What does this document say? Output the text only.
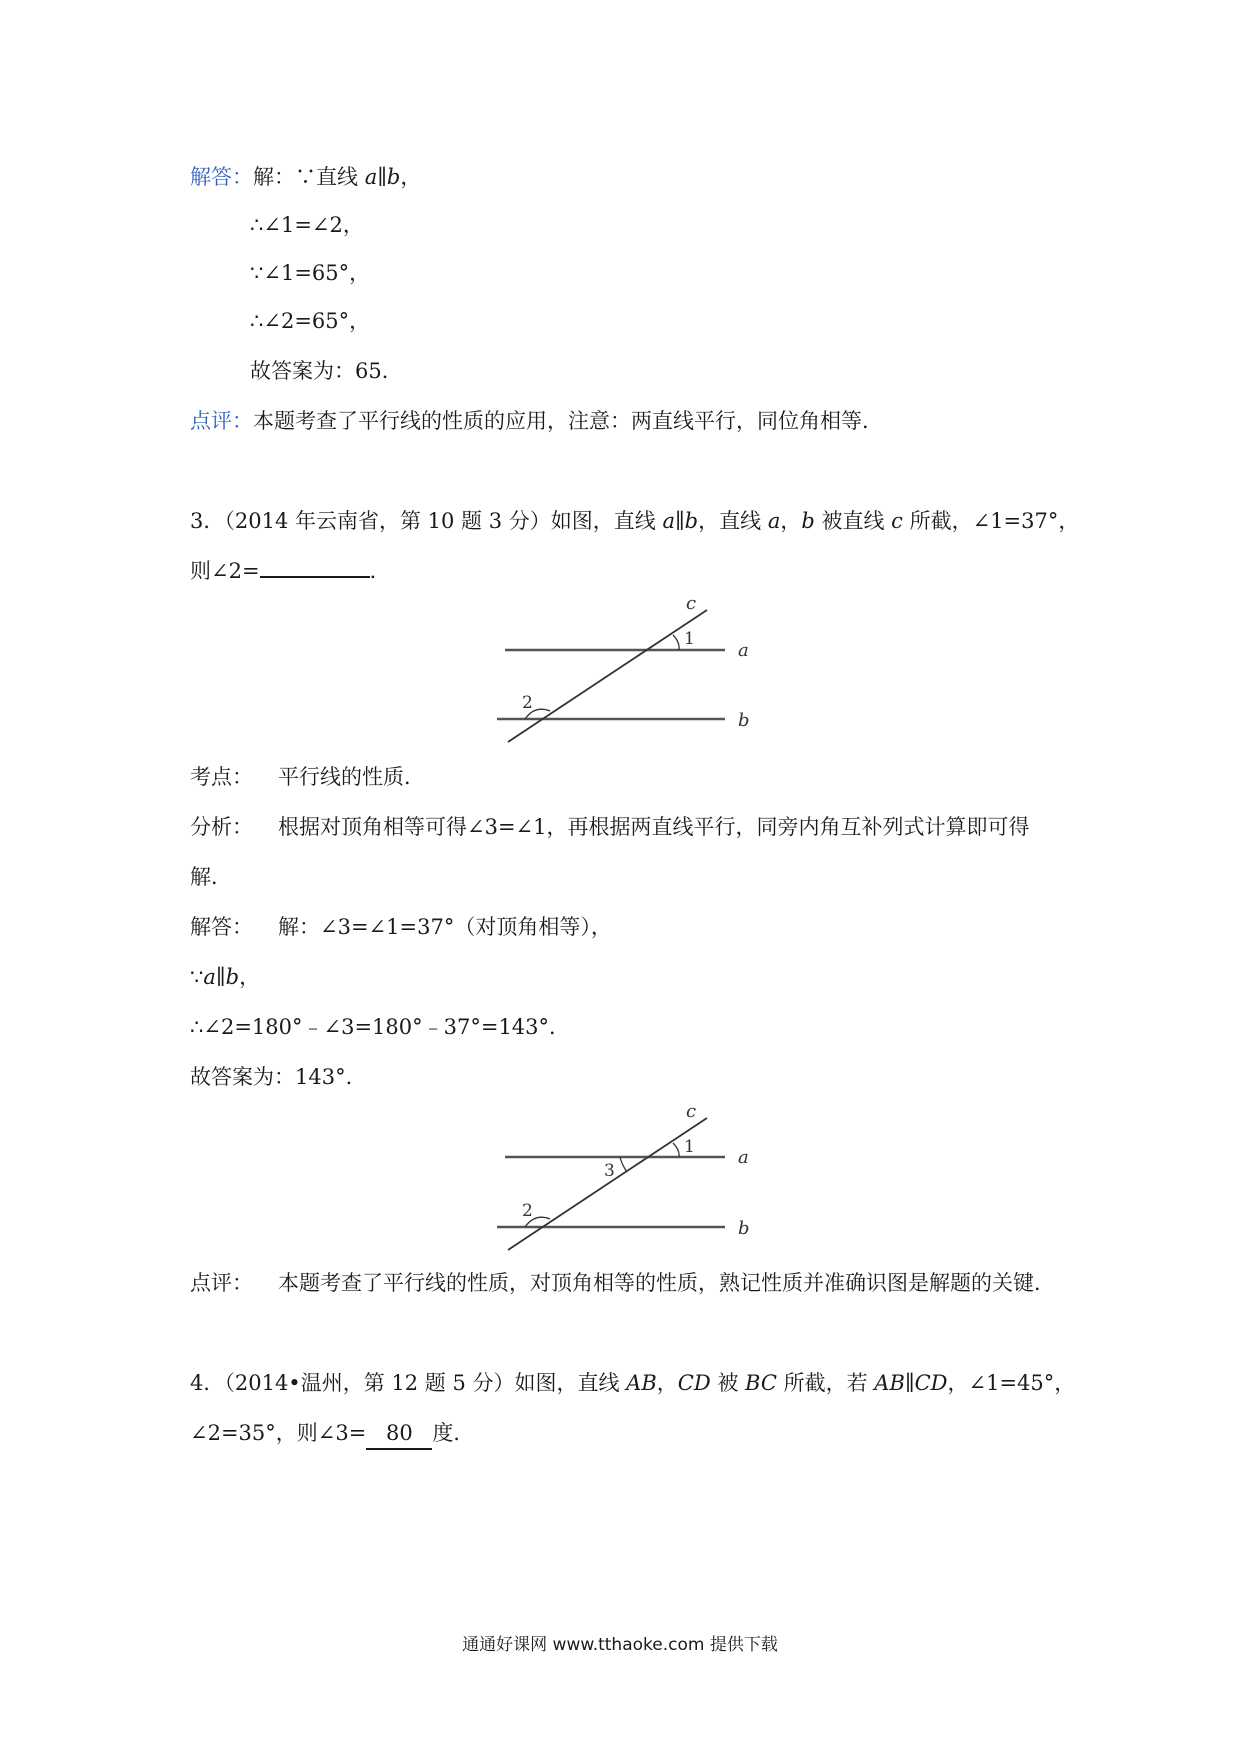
解答：解：∵直线 a∥b，
∴∠1=∠2，
∵∠1=65°，
∴∠2=65°，
故答案为：65．
点评：本题考查了平行线的性质的应用，注意：两直线平行，同位角相等．
3．（2014 年云南省，第 10 题 3 分）如图，直线 a∥b，直线 a，b 被直线 c 所截，∠1=37°，
则∠2=	．
c
a
b
1
2
考点： 平行线的性质．
分析： 根据对顶角相等可得∠3=∠1，再根据两直线平行，同旁内角互补列式计算即可得
解．
解答： 解：∠3=∠1=37°（对顶角相等），
∵a∥b，
∴∠2=180°﹣∠3=180°﹣37°=143°．
故答案为：143°．
c
a
b
1
3
2
点评： 本题考查了平行线的性质，对顶角相等的性质，熟记性质并准确识图是解题的关键．
4．（2014•温州，第 12 题 5 分）如图，直线 AB，CD 被 BC 所截，若 AB∥CD，∠1=45°，
∠2=35°，则∠3= 80 度．
通通好课网 www.tthaoke.com 提供下载
